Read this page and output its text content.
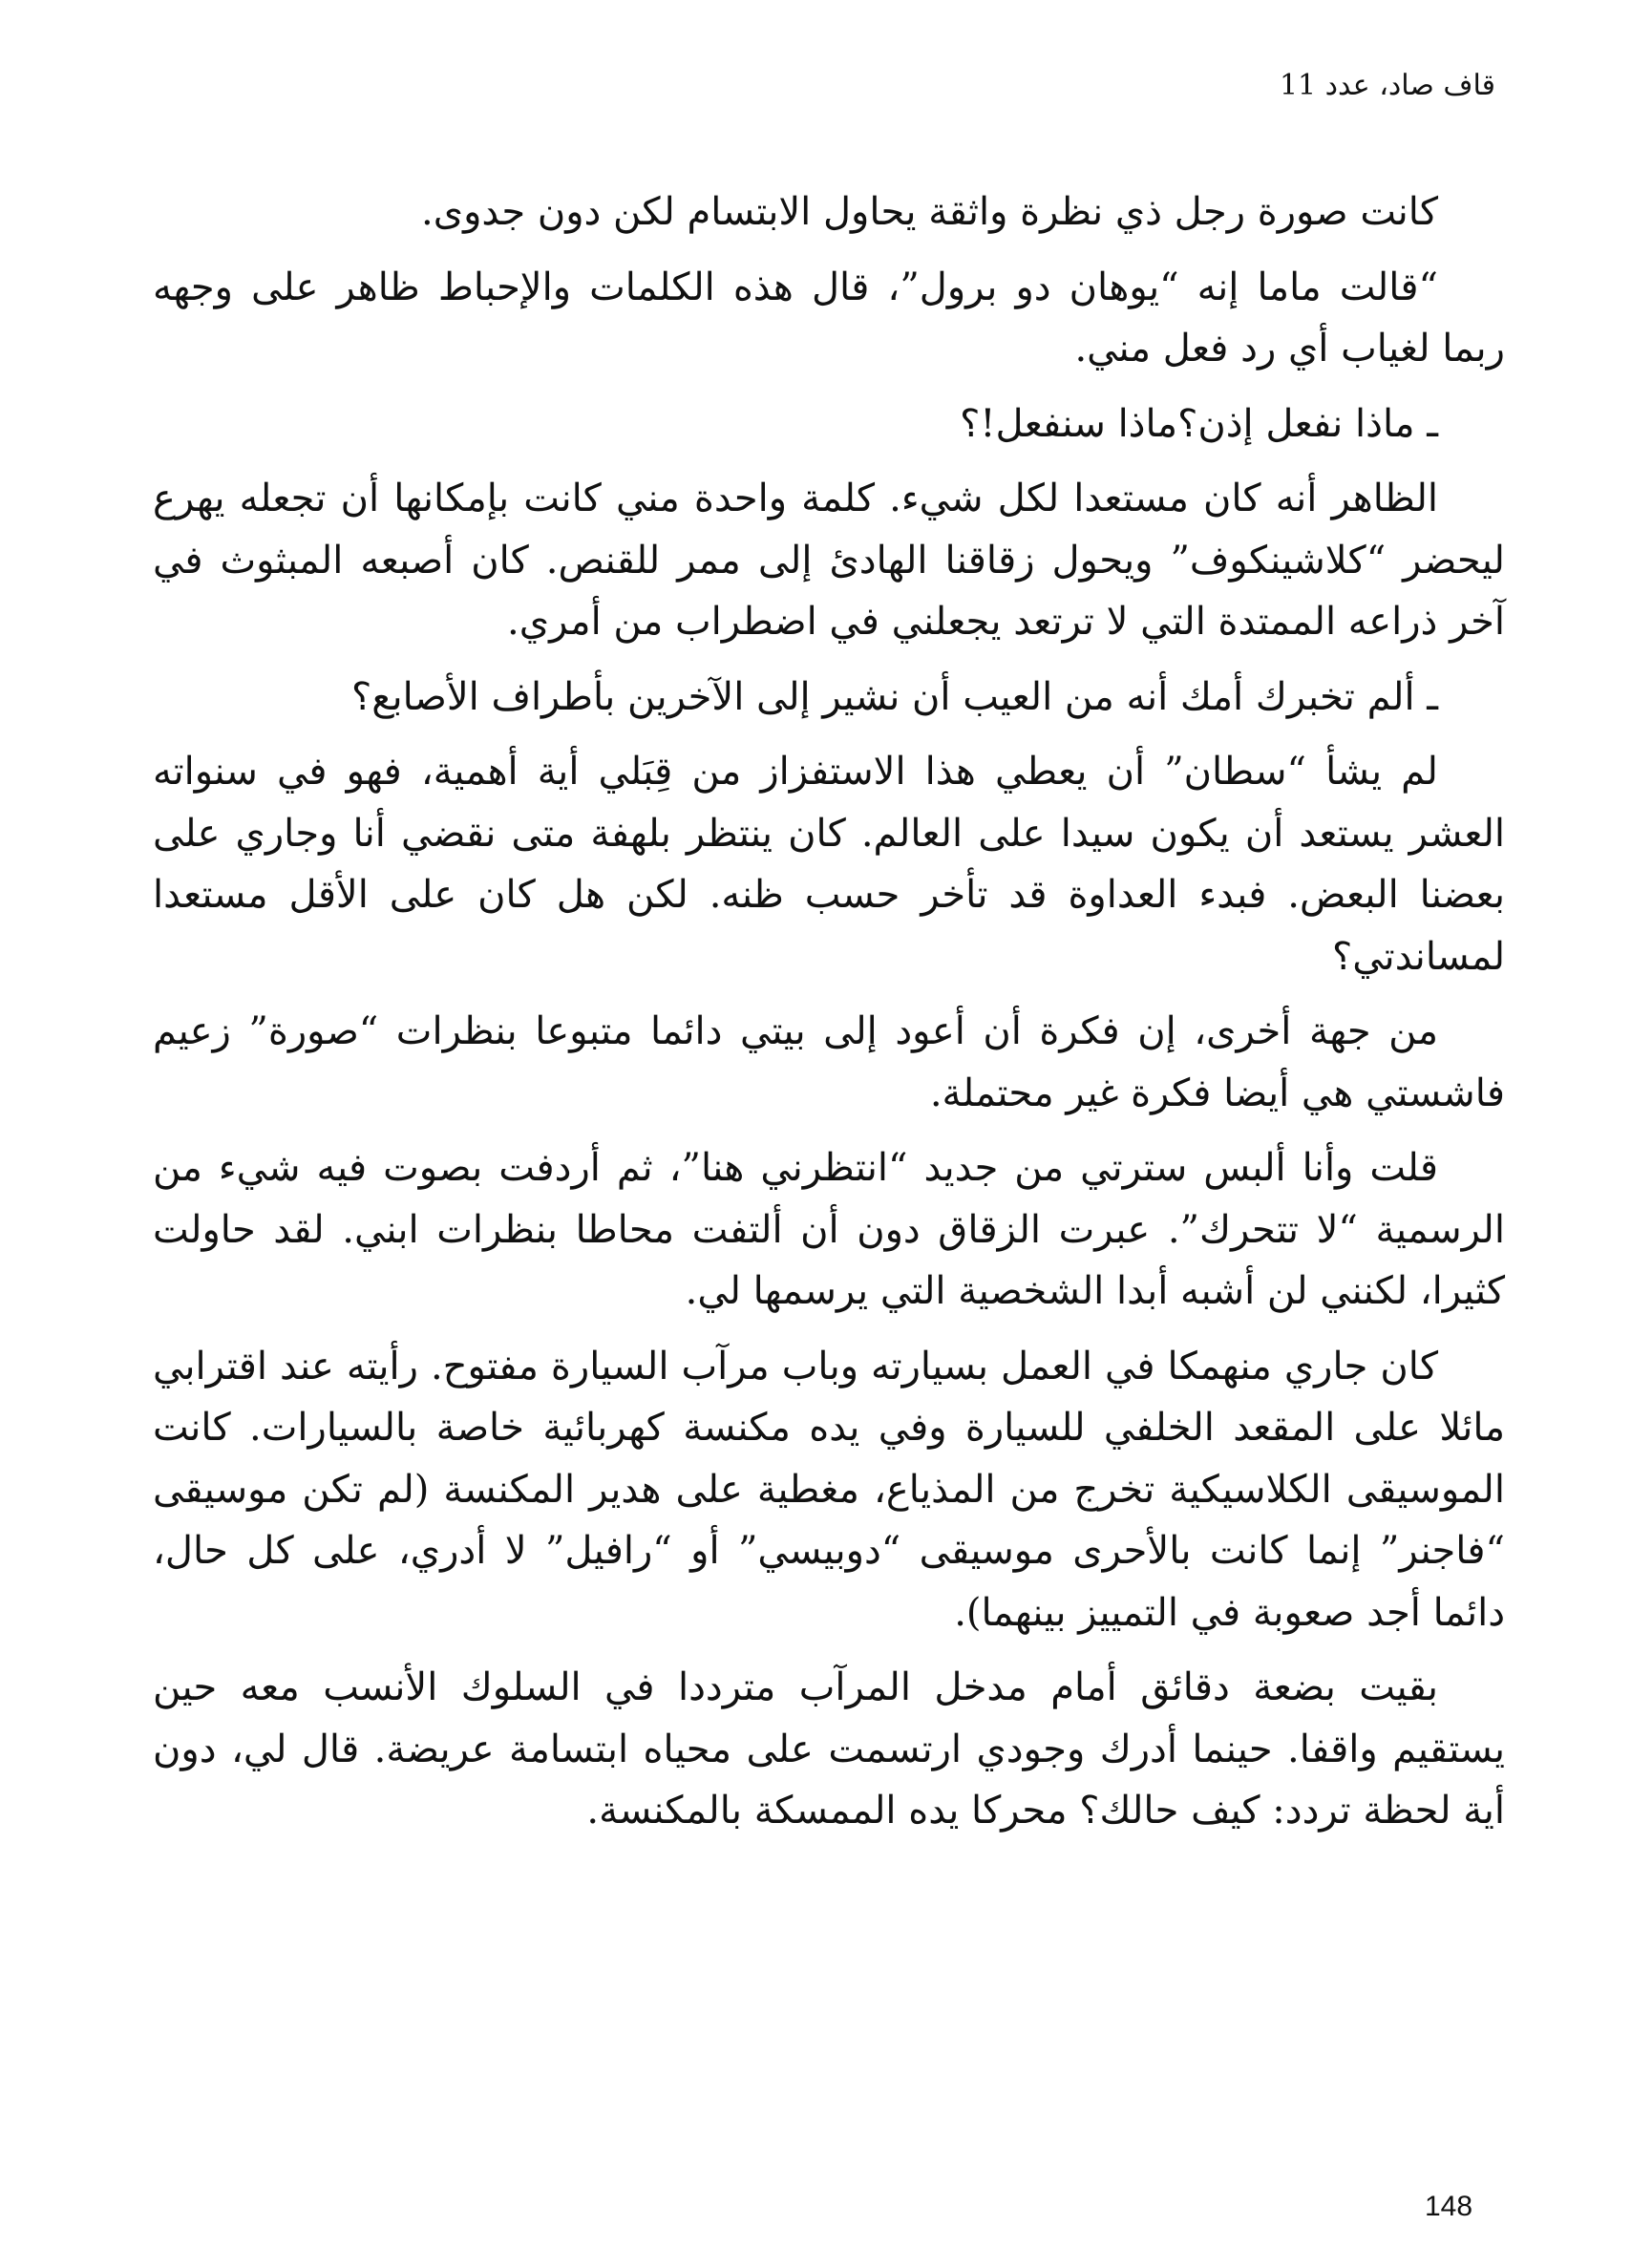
قاف صاد، عدد 11

كانت صورة رجل ذي نظرة واثقة يحاول الابتسام لكن دون جدوى.

“قالت ماما إنه “يوهان دو برول”، قال هذه الكلمات والإحباط ظاهر على وجهه ربما لغياب أي رد فعل مني.

ـ ماذا نفعل إذن؟ماذا سنفعل!؟

الظاهر أنه كان مستعدا لكل شيء. كلمة واحدة مني كانت بإمكانها أن تجعله يهرع ليحضر “كلاشينكوف” ويحول زقاقنا الهادئ إلى ممر للقنص. كان أصبعه المبثوث في آخر ذراعه الممتدة التي لا ترتعد يجعلني في اضطراب من أمري.

ـ ألم تخبرك أمك أنه من العيب أن نشير إلى الآخرين بأطراف الأصابع؟

لم يشأ “سطان” أن يعطي هذا الاستفزاز من قِبَلي أية أهمية، فهو في سنواته العشر يستعد أن يكون سيدا على العالم. كان ينتظر بلهفة متى نقضي أنا وجاري على بعضنا البعض. فبدء العداوة قد تأخر حسب ظنه. لكن هل كان على الأقل مستعدا لمساندتي؟

من جهة أخرى، إن فكرة أن أعود إلى بيتي دائما متبوعا بنظرات “صورة” زعيم فاشستي هي أيضا فكرة غير محتملة.

قلت وأنا ألبس سترتي من جديد “انتظرني هنا”، ثم أردفت بصوت فيه شيء من الرسمية “لا تتحرك”. عبرت الزقاق دون أن ألتفت محاطا بنظرات ابني. لقد حاولت كثيرا، لكنني لن أشبه أبدا الشخصية التي يرسمها لي.

كان جاري منهمكا في العمل بسيارته وباب مرآب السيارة مفتوح. رأيته عند اقترابي مائلا على المقعد الخلفي للسيارة وفي يده مكنسة كهربائية خاصة بالسيارات. كانت الموسيقى الكلاسيكية تخرج من المذياع، مغطية على هدير المكنسة (لم تكن موسيقى “فاجنر” إنما كانت بالأحرى موسيقى “دوبيسي” أو “رافيل” لا أدري، على كل حال، دائما أجد صعوبة في التمييز بينهما).

بقيت بضعة دقائق أمام مدخل المرآب مترددا في السلوك الأنسب معه حين يستقيم واقفا. حينما أدرك وجودي ارتسمت على محياه ابتسامة عريضة. قال لي، دون أية لحظة تردد: كيف حالك؟ محركا يده الممسكة بالمكنسة.

148
